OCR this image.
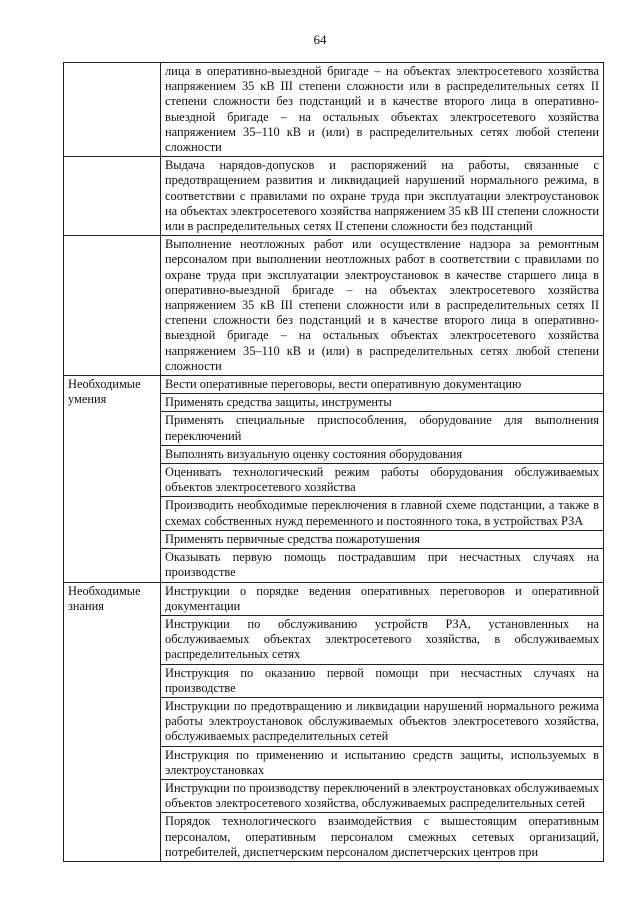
64
	лица в оперативно-выездной бригаде – на объектах электросетевого хозяйства напряжением 35 кВ III степени сложности или в распределительных сетях II степени сложности без подстанций и в качестве второго лица в оперативно-выездной бригаде – на остальных объектах электросетевого хозяйства напряжением 35–110 кВ и (или) в распределительных сетях любой степени сложности
	Выдача нарядов-допусков и распоряжений на работы, связанные с предотвращением развития и ликвидацией нарушений нормального режима, в соответствии с правилами по охране труда при эксплуатации электроустановок на объектах электросетевого хозяйства напряжением 35 кВ III степени сложности или в распределительных сетях II степени сложности без подстанций
	Выполнение неотложных работ или осуществление надзора за ремонтным персоналом при выполнении неотложных работ в соответствии с правилами по охране труда при эксплуатации электроустановок в качестве старшего лица в оперативно-выездной бригаде – на объектах электросетевого хозяйства напряжением 35 кВ III степени сложности или в распределительных сетях II степени сложности без подстанций и в качестве второго лица в оперативно-выездной бригаде – на остальных объектах электросетевого хозяйства напряжением 35–110 кВ и (или) в распределительных сетях любой степени сложности
Необходимые умения	Вести оперативные переговоры, вести оперативную документацию
	Применять средства защиты, инструменты
	Применять специальные приспособления, оборудование для выполнения переключений
	Выполнять визуальную оценку состояния оборудования
	Оценивать технологический режим работы оборудования обслуживаемых объектов электросетевого хозяйства
	Производить необходимые переключения в главной схеме подстанции, а также в схемах собственных нужд переменного и постоянного тока, в устройствах РЗА
	Применять первичные средства пожаротушения
	Оказывать первую помощь пострадавшим при несчастных случаях на производстве
Необходимые знания	Инструкции о порядке ведения оперативных переговоров и оперативной документации
	Инструкции по обслуживанию устройств РЗА, установленных на обслуживаемых объектах электросетевого хозяйства, в обслуживаемых распределительных сетях
	Инструкция по оказанию первой помощи при несчастных случаях на производстве
	Инструкции по предотвращению и ликвидации нарушений нормального режима работы электроустановок обслуживаемых объектов электросетевого хозяйства, обслуживаемых распределительных сетей
	Инструкция по применению и испытанию средств защиты, используемых в электроустановках
	Инструкции по производству переключений в электроустановках обслуживаемых объектов электросетевого хозяйства, обслуживаемых распределительных сетей
	Порядок технологического взаимодействия с вышестоящим оперативным персоналом, оперативным персоналом смежных сетевых организаций, потребителей, диспетчерским персоналом диспетчерских центров при
